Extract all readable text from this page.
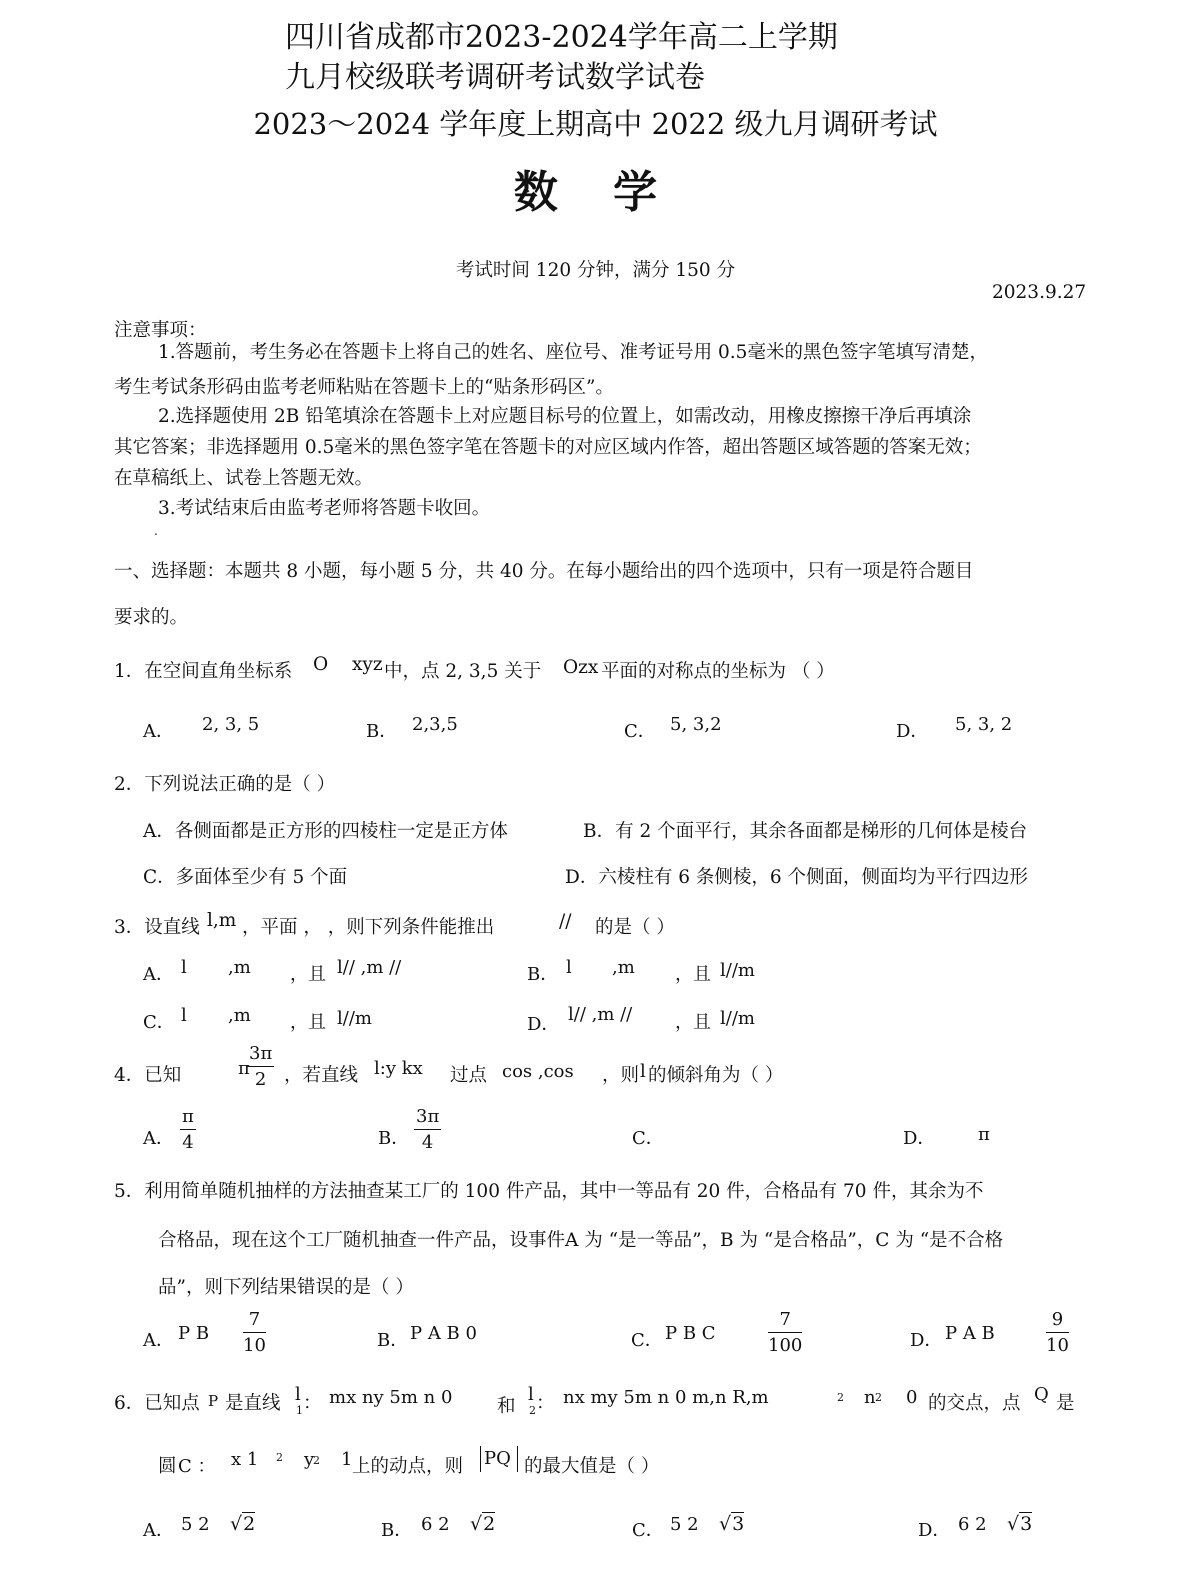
四川省成都市2023-2024学年高二上学期
九月校级联考调研考试数学试卷
2023～2024 学年度上期高中 2022 级九月调研考试
数 学
考试时间 120 分钟，满分 150 分
2023.9.27
注意事项：
1.答题前，考生务必在答题卡上将自己的姓名、座位号、准考证号用 0.5毫米的黑色签字笔填写清楚，
考生考试条形码由监考老师粘贴在答题卡上的“贴条形码区”。
2.选择题使用 2B 铅笔填涂在答题卡上对应题目标号的位置上，如需改动，用橡皮擦擦干净后再填涂
其它答案；非选择题用 0.5毫米的黑色签字笔在答题卡的对应区域内作答，超出答题区域答题的答案无效；
在草稿纸上、试卷上答题无效。
3.考试结束后由监考老师将答题卡收回。
.
一、选择题：本题共 8 小题，每小题 5 分，共 40 分。在每小题给出的四个选项中，只有一项是符合题目
要求的。
1．在空间直角坐标系 O xyz 中，点 2, 3,5 关于 Ozx 平面的对称点的坐标为 （ ）
A． 2, 3, 5	B． 2,3,5	C． 5, 3,2	D． 5, 3, 2
2．下列说法正确的是（ ）
A．各侧面都是正方形的四棱柱一定是正方体	B．有 2 个面平行，其余各面都是梯形的几何体是棱台
C．多面体至少有 5 个面	D．六棱柱有 6 条侧棱，6 个侧面，侧面均为平行四边形
3．设直线 l,m ，平面 ， ，则下列条件能推出	// 的是（ ）
A． l ,m ，且 l// ,m //	B． l ,m ，且 l//m
C． l ,m ，且 l//m	D． l// ,m // ，且 l//m
4．已知	π
$\frac{3\pi}{2}$ ，若直线 l:y kx 过点 cos ,cos ，则 l 的倾斜角为（ ）
A． $\frac{\pi}{4}$	B． $\frac{3\pi}{4}$	C．	D． π
5．利用简单随机抽样的方法抽查某工厂的 100 件产品，其中一等品有 20 件，合格品有 70 件，其余为不
合格品，现在这个工厂随机抽查一件产品，设事件A 为 “是一等品”，B 为 “是合格品”，C 为 “是不合格
品”，则下列结果错误的是（ ）
A． P B $\frac{7}{10}$	B． P A B 0	C． P B C	$\frac{7}{100}$	D． P A B	$\frac{9}{10}$
6．已知点 P 是直线 l
1 ： mx ny 5m n 0 和
l
2 ： nx my 5m n 0 m,n R,m	2 n 2 0 的交点，点 Q 是
圆 C ： x 1 2 y
2 1 上的动点，则 PQ 的最大值是（ ）
A． 5 2 √2	B． 6 2 √2	C． 5 2 √3	D． 6 2 √3
